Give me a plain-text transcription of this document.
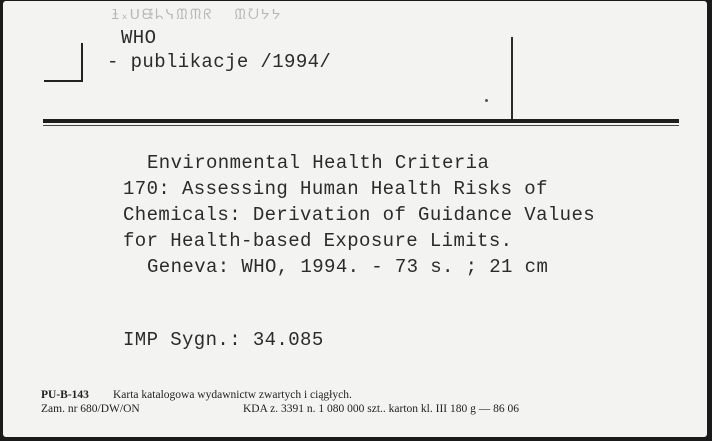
ƚ᙮ᑌᙠᖺᓭᙢᙏᖇ  ᙢᘢᔭᔭ
WHO
- publikacje /1994/
Environmental Health Criteria
170: Assessing Human Health Risks of
Chemicals: Derivation of Guidance Values
for Health-based Exposure Limits.
Geneva: WHO, 1994. - 73 s. ; 21 cm
IMP Sygn.: 34.085
PU-B-143 Karta katalogowa wydawnictw zwartych i ciągłych.
Zam. nr 680/DW/ON	KDA z. 3391 n. 1 080 000 szt.. karton kl. III 180 g — 86 06
